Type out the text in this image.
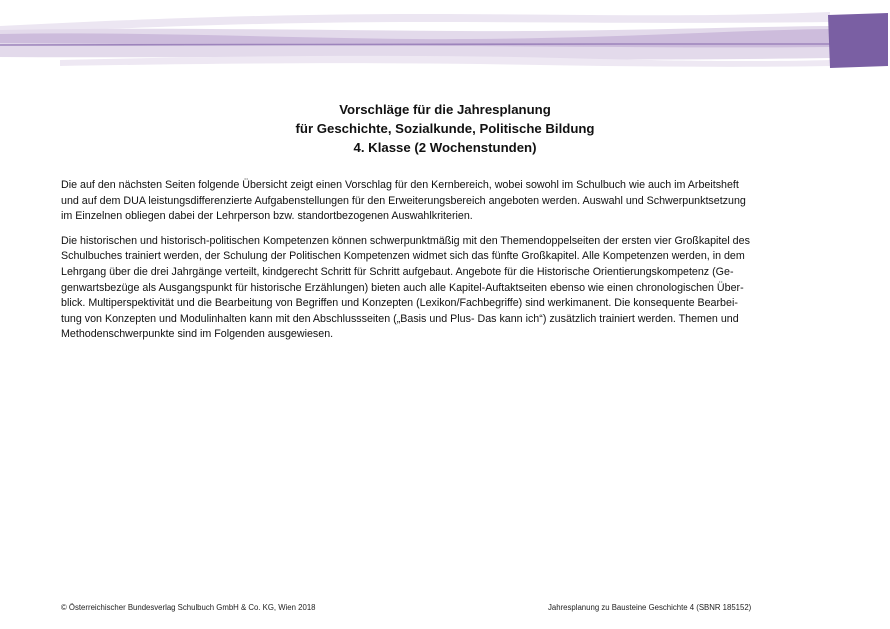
Vorschläge für die Jahresplanung
für Geschichte, Sozialkunde, Politische Bildung
4. Klasse (2 Wochenstunden)

Die auf den nächsten Seiten folgende Übersicht zeigt einen Vorschlag für den Kernbereich, wobei sowohl im Schulbuch wie auch im Arbeitsheft
und auf dem DUA leistungsdifferenzierte Aufgabenstellungen für den Erweiterungsbereich angeboten werden. Auswahl und Schwerpunktsetzung
im Einzelnen obliegen dabei der Lehrperson bzw. standortbezogenen Auswahlkriterien.

Die historischen und historisch-politischen Kompetenzen können schwerpunktmäßig mit den Themendoppelseiten der ersten vier Großkapitel des
Schulbuches trainiert werden, der Schulung der Politischen Kompetenzen widmet sich das fünfte Großkapitel. Alle Kompetenzen werden, in dem
Lehrgang über die drei Jahrgänge verteilt, kindgerecht Schritt für Schritt aufgebaut. Angebote für die Historische Orientierungskompetenz (Ge-
genwartsbezüge als Ausgangspunkt für historische Erzählungen) bieten auch alle Kapitel-Auftaktseiten ebenso wie einen chronologischen Über-
blick. Multiperspektivität und die Bearbeitung von Begriffen und Konzepten (Lexikon/Fachbegriffe) sind werkimanent. Die konsequente Bearbei-
tung von Konzepten und Modulinhalten kann mit den Abschlussseiten („Basis und Plus- Das kann ich“) zusätzlich trainiert werden. Themen und
Methodenschwerpunkte sind im Folgenden ausgewiesen.

© Österreichischer Bundesverlag Schulbuch GmbH & Co. KG, Wien 2018	Jahresplanung zu Bausteine Geschichte 4 (SBNR 185152)
